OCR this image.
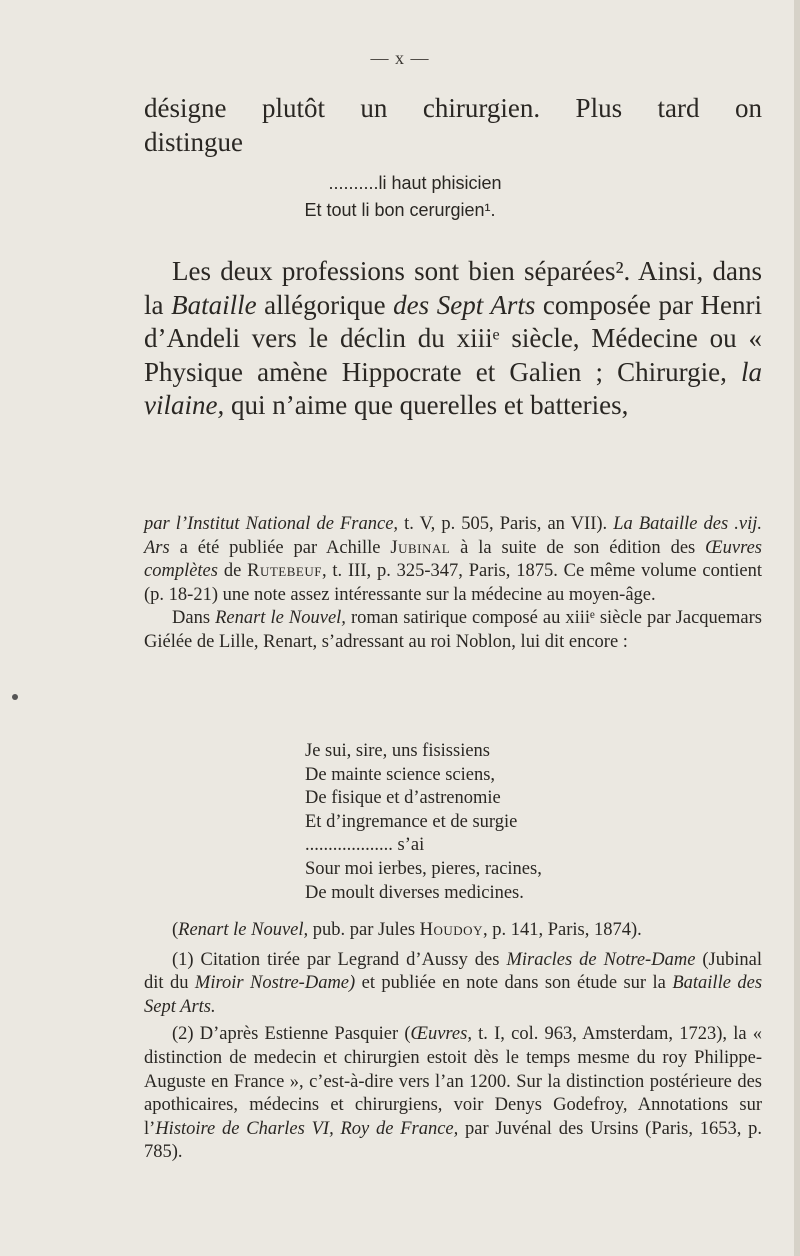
— x —

désigne plutôt un chirurgien. Plus tard on

distingue

..........li haut phisicien
Et tout li bon cerurgien¹.

Les deux professions sont bien séparées². Ainsi, dans la Bataille allégorique des Sept Arts composée par Henri d’Andeli vers le déclin du xiiiᵉ siècle, Médecine ou « Physique amène Hippocrate et Galien ; Chirurgie, la vilaine, qui n’aime que querelles et batteries,

par l’Institut National de France, t. V, p. 505, Paris, an VII). La Bataille des .vij. Ars a été publiée par Achille Jubinal à la suite de son édition des Œuvres complètes de Rutebeuf, t. III, p. 325-347, Paris, 1875. Ce même volume contient (p. 18-21) une note assez intéressante sur la médecine au moyen-âge.

Dans Renart le Nouvel, roman satirique composé au xiiiᵉ siècle par Jacquemars Giélée de Lille, Renart, s’adressant au roi Noblon, lui dit encore :

Je sui, sire, uns fisissiens
De mainte science sciens,
De fisique et d’astrenomie
Et d’ingremance et de surgie
................... s’ai
Sour moi ierbes, pieres, racines,
De moult diverses medicines.

(Renart le Nouvel, pub. par Jules Houdoy, p. 141, Paris, 1874).

(1) Citation tirée par Legrand d’Aussy des Miracles de Notre-Dame (Jubinal dit du Miroir Nostre-Dame) et publiée en note dans son étude sur la Bataille des Sept Arts.

(2) D’après Estienne Pasquier (Œuvres, t. I, col. 963, Amsterdam, 1723), la « distinction de medecin et chirurgien estoit dès le temps mesme du roy Philippe-Auguste en France », c’est-à-dire vers l’an 1200. Sur la distinction postérieure des apothicaires, médecins et chirurgiens, voir Denys Godefroy, Annotations sur l’Histoire de Charles VI, Roy de France, par Juvénal des Ursins (Paris, 1653, p. 785).
